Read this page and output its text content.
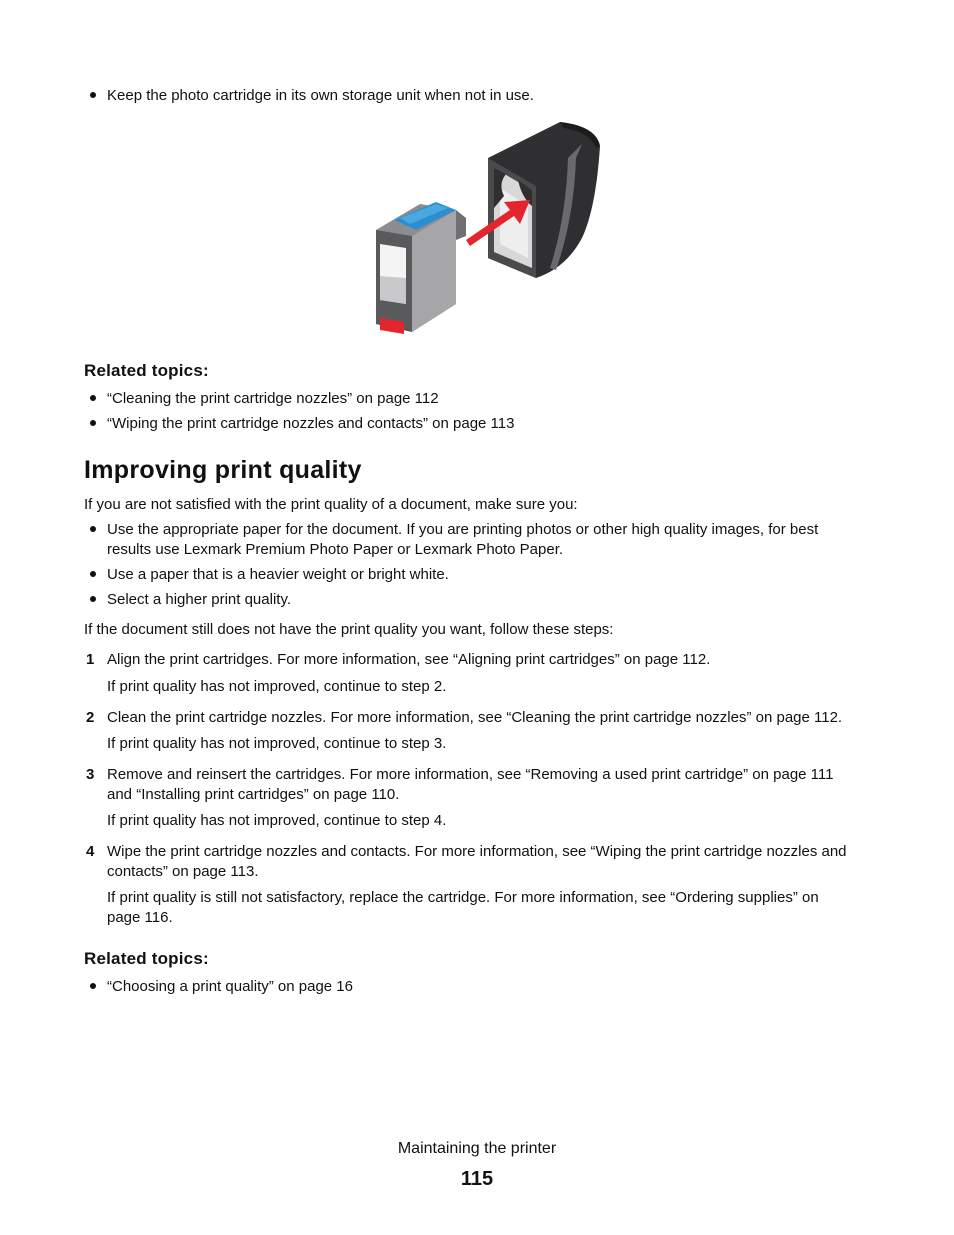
Keep the photo cartridge in its own storage unit when not in use.
Related topics:
“Cleaning the print cartridge nozzles” on page 112
“Wiping the print cartridge nozzles and contacts” on page 113
Improving print quality
If you are not satisfied with the print quality of a document, make sure you:
Use the appropriate paper for the document. If you are printing photos or other high quality images, for best
results use Lexmark Premium Photo Paper or Lexmark Photo Paper.
Use a paper that is a heavier weight or bright white.
Select a higher print quality.
If the document still does not have the print quality you want, follow these steps:
1 Align the print cartridges. For more information, see “Aligning print cartridges” on page 112.
If print quality has not improved, continue to step 2.
2 Clean the print cartridge nozzles. For more information, see “Cleaning the print cartridge nozzles” on page 112.
If print quality has not improved, continue to step 3.
3 Remove and reinsert the cartridges. For more information, see “Removing a used print cartridge” on page 111
and “Installing print cartridges” on page 110.
If print quality has not improved, continue to step 4.
4 Wipe the print cartridge nozzles and contacts. For more information, see “Wiping the print cartridge nozzles and
contacts” on page 113.
If print quality is still not satisfactory, replace the cartridge. For more information, see “Ordering supplies” on
page 116.
Related topics:
“Choosing a print quality” on page 16
Maintaining the printer
115
